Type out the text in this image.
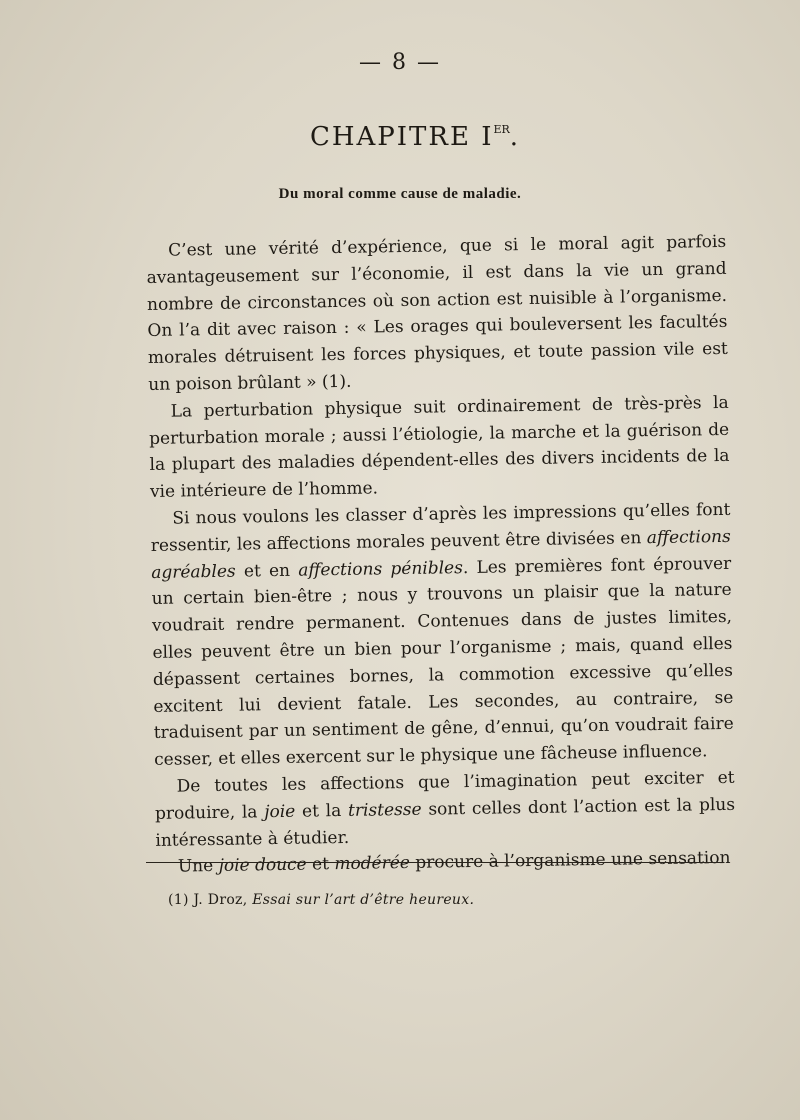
— 8 —
CHAPITRE IER.
Du moral comme cause de maladie.

C’est une vérité d’expérience, que si le moral agit parfois avantageusement sur l’économie, il est dans la vie un grand nombre de circonstances où son action est nuisible à l’organisme. On l’a dit avec raison : « Les orages qui bouleversent les facultés morales détruisent les forces physiques, et toute passion vile est un poison brûlant » (1).

La perturbation physique suit ordinairement de très-près la perturbation morale ; aussi l’étiologie, la marche et la guérison de la plupart des maladies dépendent-elles des divers incidents de la vie intérieure de l’homme.

Si nous voulons les classer d’après les impressions qu’elles font ressentir, les affections morales peuvent être divisées en affections agréables et en affections pénibles. Les premières font éprouver un certain bien-être ; nous y trouvons un plaisir que la nature voudrait rendre permanent. Contenues dans de justes limites, elles peuvent être un bien pour l’organisme ; mais, quand elles dépassent certaines bornes, la commotion excessive qu’elles excitent lui devient fatale. Les secondes, au contraire, se traduisent par un sentiment de gêne, d’ennui, qu’on voudrait faire cesser, et elles exercent sur le physique une fâcheuse influence.

De toutes les affections que l’imagination peut exciter et produire, la joie et la tristesse sont celles dont l’action est la plus intéressante à étudier.

Une joie douce et modérée procure à l’organisme une sensation

(1) J. Droz, Essai sur l’art d’être heureux.
